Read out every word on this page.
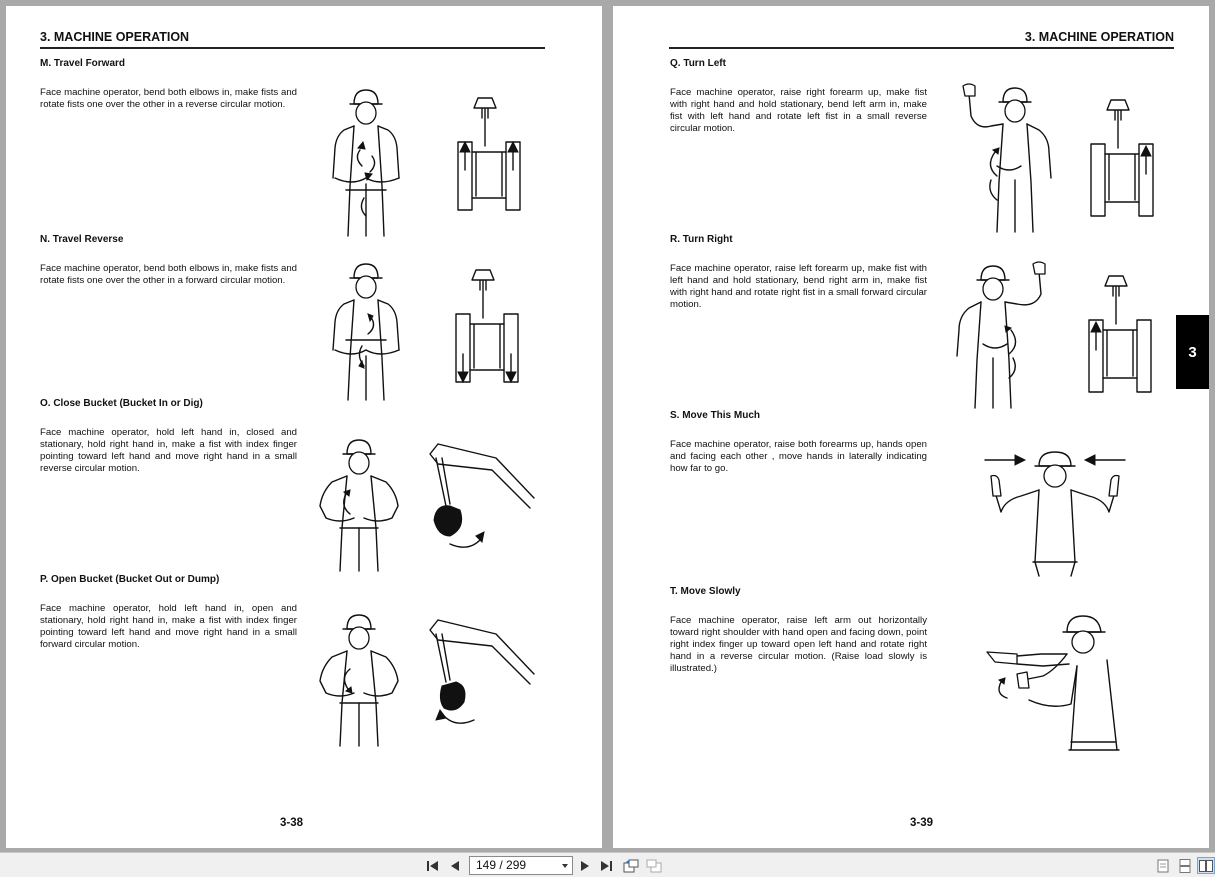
3. MACHINE OPERATION
M. Travel Forward
Face machine operator, bend both elbows in, make fists and rotate fists one over the other in a reverse circular motion.
N. Travel Reverse
Face machine operator, bend both elbows in, make fists and rotate fists one over the other in a forward circular motion.
O. Close Bucket (Bucket In or Dig)
Face machine operator, hold left hand in, closed and stationary, hold right hand in, make a fist with index finger pointing toward left hand and move right hand in a small reverse circular motion.
P. Open Bucket (Bucket Out or Dump)
Face machine operator, hold left hand in, open and stationary, hold right hand in, make a fist with index finger pointing toward left hand and move right hand in a small forward circular motion.
3-38
3. MACHINE OPERATION
Q. Turn Left
Face machine operator, raise right forearm up, make fist with right hand and hold stationary, bend left arm in, make fist with left hand and rotate left fist in a small reverse circular motion.
R. Turn Right
Face machine operator, raise left forearm up, make fist with left hand and hold stationary, bend right arm in, make fist with right hand and rotate right fist in a small forward circular motion.
S. Move This Much
Face machine operator, raise both forearms up, hands open and facing each other , move hands in laterally indicating how far to go.
T. Move Slowly
Face machine operator, raise left arm out horizontally toward right shoulder with hand open and facing down, point right index finger up toward open left hand and rotate right hand in a reverse circular motion. (Raise load slowly is illustrated.)
3-39
3
149 / 299
